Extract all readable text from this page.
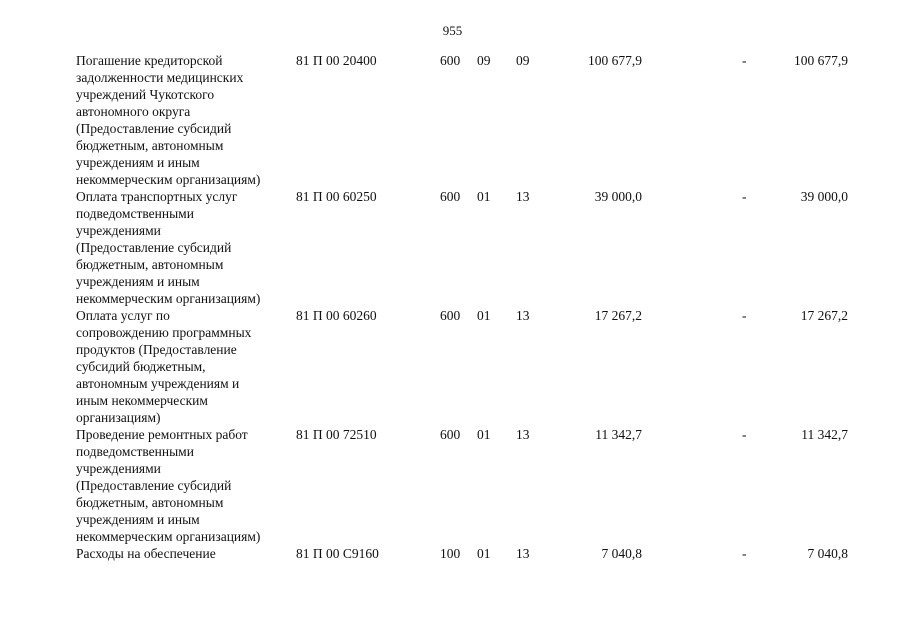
955
Погашение кредиторской
задолженности медицинских
учреждений Чукотского
автономного округа
(Предоставление субсидий
бюджетным, автономным
учреждениям и иным
некоммерческим организациям)
81 П 00 20400	600 09 09	100 677,9	-	100 677,9
Оплата транспортных услуг
подведомственными
учреждениями
(Предоставление субсидий
бюджетным, автономным
учреждениям и иным
некоммерческим организациям)
81 П 00 60250	600 01 13	39 000,0	-	39 000,0
Оплата услуг по
сопровождению программных
продуктов (Предоставление
субсидий бюджетным,
автономным учреждениям и
иным некоммерческим
организациям)
81 П 00 60260	600 01 13	17 267,2	-	17 267,2
Проведение ремонтных работ
подведомственными
учреждениями
(Предоставление субсидий
бюджетным, автономным
учреждениям и иным
некоммерческим организациям)
81 П 00 72510	600 01 13	11 342,7	-	11 342,7
Расходы на обеспечение	81 П 00 С9160	100 01 13	7 040,8	-	7 040,8
